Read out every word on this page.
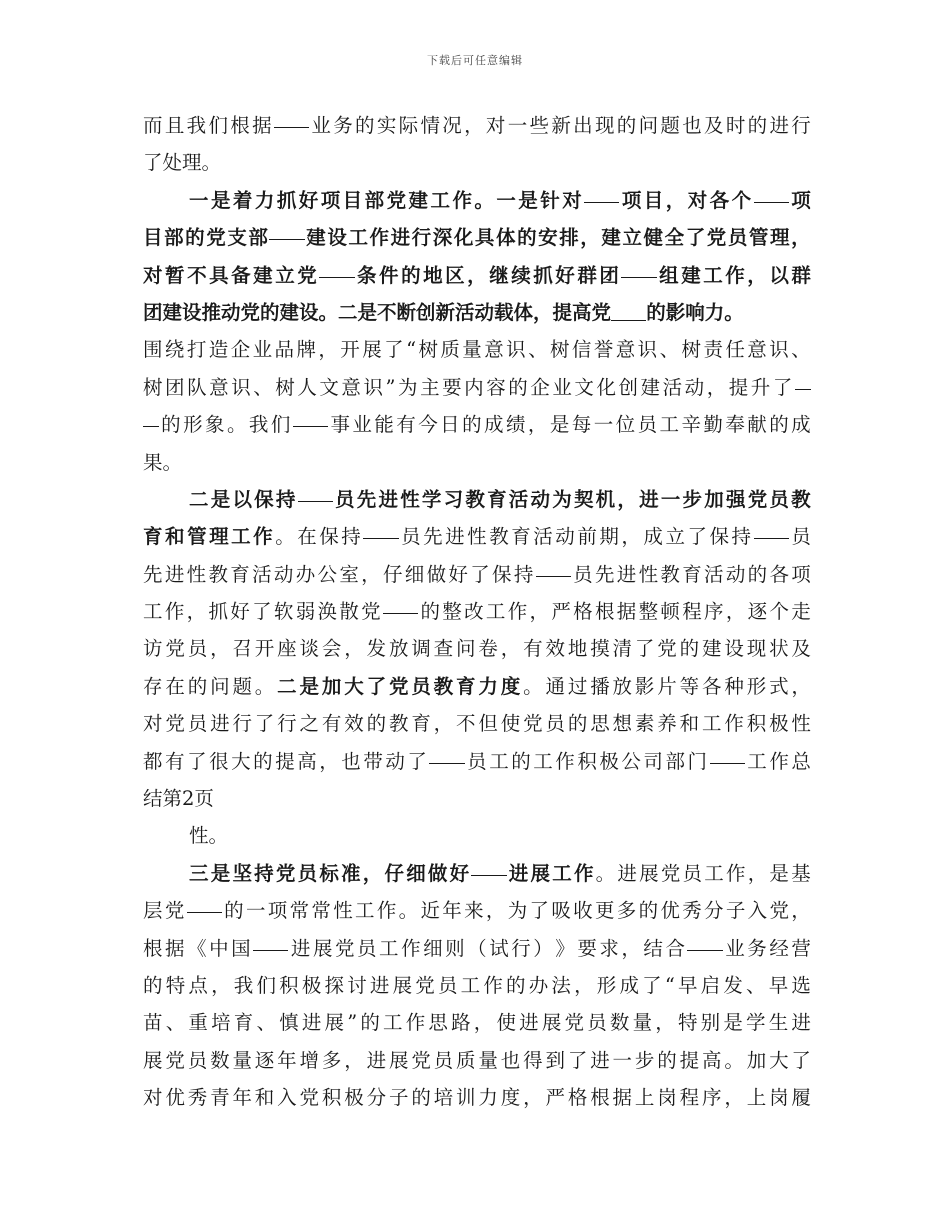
下载后可任意编辑
而 且 我 们 根 据 业 务 的 实 际 情 况 ， 对 一 些 新 出 现 的 问 题 也 及 时 的 进 行
了处理。
一 是 着 力 抓 好 项 目 部 党 建 工 作 。 一 是 针 对 项 目 ， 对 各 个 项
目 部 的 党 支 部 建 设 工 作 进 行 深 化 具 体 的 安 排 ， 建 立 健 全 了 党 员 管 理 ，
对 暂 不 具 备 建 立 党 条 件 的 地 区 ， 继 续 抓 好 群 团 组 建 工 作 ， 以 群
团建设推动党的建设。二是不断创新活动载体，提高党 的影响力。
围 绕 打 造 企 业 品 牌 ， 开 展 了 “ 树 质 量 意 识 、 树 信 誉 意 识 、 树 责 任 意 识 、
树 团 队 意 识 、 树 人 文 意 识 ” 为 主 要 内 容 的 企 业 文 化 创 建 活 动 ， 提 升 了
的 形 象 。 我 们 事 业 能 有 今 日 的 成 绩 ， 是 每 一 位 员 工 辛 勤 奉 献 的 成
果。
二 是 以 保 持 员 先 进 性 学 习 教 育 活 动 为 契 机 ， 进 一 步 加 强 党 员 教
育 和 管 理 工 作 。 在 保 持 员 先 进 性 教 育 活 动 前 期 ， 成 立 了 保 持 员
先 进 性 教 育 活 动 办 公 室 ， 仔 细 做 好 了 保 持 员 先 进 性 教 育 活 动 的 各 项
工 作 ， 抓 好 了 软 弱 涣 散 党 的 整 改 工 作 ， 严 格 根 据 整 顿 程 序 ， 逐 个 走
访 党 员 ， 召 开 座 谈 会 ， 发 放 调 查 问 卷 ， 有 效 地 摸 清 了 党 的 建 设 现 状 及
存 在 的 问 题 。 二 是 加 大 了 党 员 教 育 力 度 。 通 过 播 放 影 片 等 各 种 形 式 ，
对 党 员 进 行 了 行 之 有 效 的 教 育 ， 不 但 使 党 员 的 思 想 素 养 和 工 作 积 极 性
都 有 了 很 大 的 提 高 ， 也 带 动 了 员 工 的 工 作 积 极 公 司 部 门 工 作 总
结第2页
性。
三 是 坚 持 党 员 标 准 ， 仔 细 做 好 进 展 工 作 。 进 展 党 员 工 作 ， 是 基
层 党 的 一 项 常 常 性 工 作 。 近 年 来 ， 为 了 吸 收 更 多 的 优 秀 分 子 入 党 ，
根 据 《 中 国 进 展 党 员 工 作 细 则 （ 试 行 ） 》 要 求 ， 结 合 业 务 经 营
的 特 点 ， 我 们 积 极 探 讨 进 展 党 员 工 作 的 办 法 ， 形 成 了 “ 早 启 发 、 早 选
苗 、 重 培 育 、 慎 进 展 ” 的 工 作 思 路 ， 使 进 展 党 员 数 量 ， 特 别 是 学 生 进
展 党 员 数 量 逐 年 增 多 ， 进 展 党 员 质 量 也 得 到 了 进 一 步 的 提 高 。 加 大 了
对 优 秀 青 年 和 入 党 积 极 分 子 的 培 训 力 度 ， 严 格 根 据 上 岗 程 序 ， 上 岗 履
